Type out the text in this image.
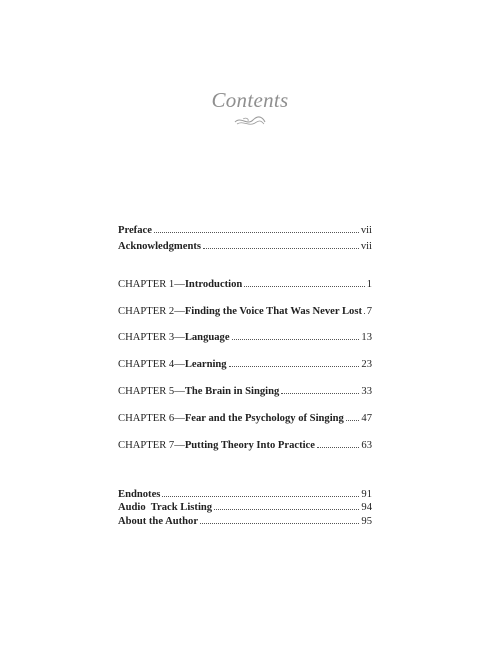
Contents
Preface	vii
Acknowledgments	vii
CHAPTER 1—Introduction	1
CHAPTER 2—Finding the Voice That Was Never Lost 7
CHAPTER 3—Language	13
CHAPTER 4—Learning	23
CHAPTER 5—The Brain in Singing	33
CHAPTER 6—Fear and the Psychology of Singing 47
CHAPTER 7—Putting Theory Into Practice	63
Endnotes	91
Audio  Track Listing	94
About the Author	95
